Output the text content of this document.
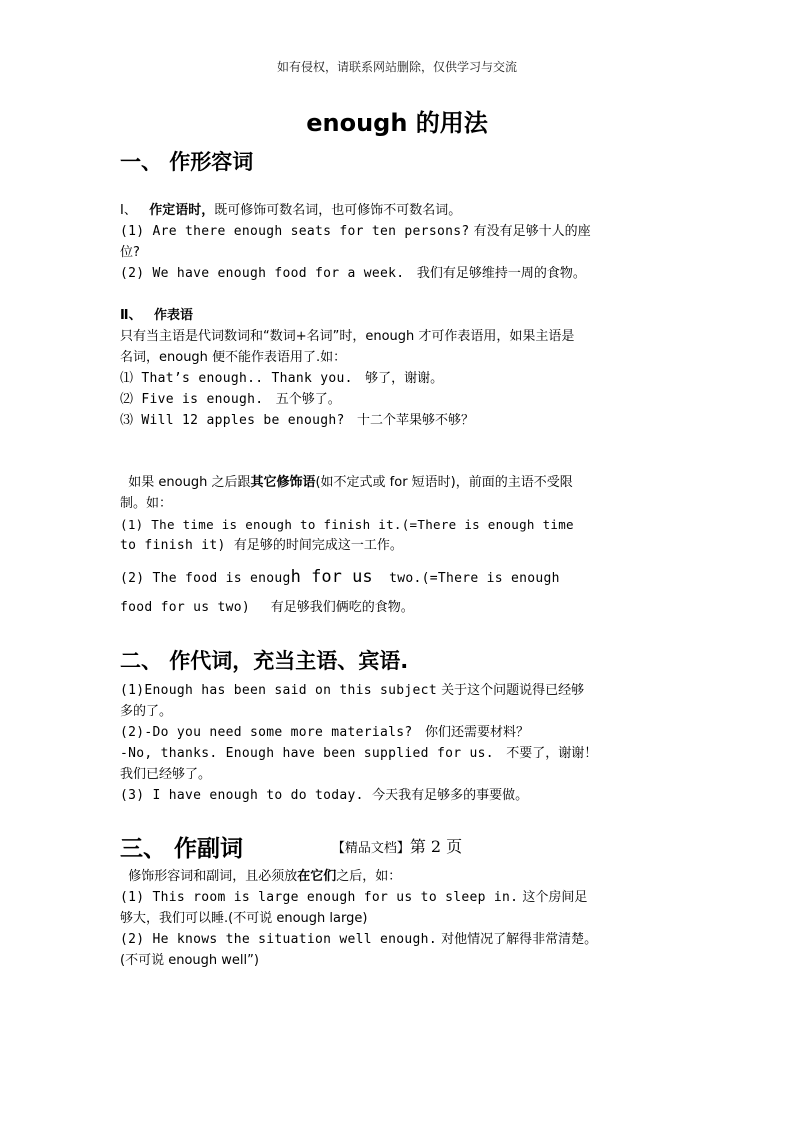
如有侵权，请联系网站删除，仅供学习与交流
enough 的用法
一、 作形容词
Ⅰ、 作定语时，既可修饰可数名词，也可修饰不可数名词。
(1) Are there enough seats for ten persons? 有没有足够十人的座
位?
(2) We have enough food for a week. 我们有足够维持一周的食物。
Ⅱ、 作表语
只有当主语是代词数词和“数词+名词”时，enough 才可作表语用，如果主语是
名词，enough 便不能作表语用了.如：
⑴ That’s enough.. Thank you. 够了，谢谢。
⑵ Five is enough. 五个够了。
⑶ Will 12 apples be enough? 十二个苹果够不够？
如果 enough 之后跟其它修饰语(如不定式或 for 短语时)，前面的主语不受限
制。如：
(1) The time is enough to finish it.(=There is enough time
to finish it) 有足够的时间完成这一工作。
(2) The food is enough for us two.(=There is enough
food for us two) 有足够我们俩吃的食物。
二、 作代词，充当主语、宾语.
(1)Enough has been said on this subject 关于这个问题说得已经够
多的了。
(2)-Do you need some more materials? 你们还需要材料？
-No, thanks. Enough have been supplied for us. 不要了，谢谢！
我们已经够了。
(3) I have enough to do today. 今天我有足够多的事要做。
三、 作副词
修饰形容词和副词，且必须放在它们之后，如：
(1) This room is large enough for us to sleep in. 这个房间足
够大，我们可以睡.(不可说 enough large)
(2) He knows the situation well enough. 对他情况了解得非常清楚。
(不可说 enough well”)
【精品文档】第 2 页
